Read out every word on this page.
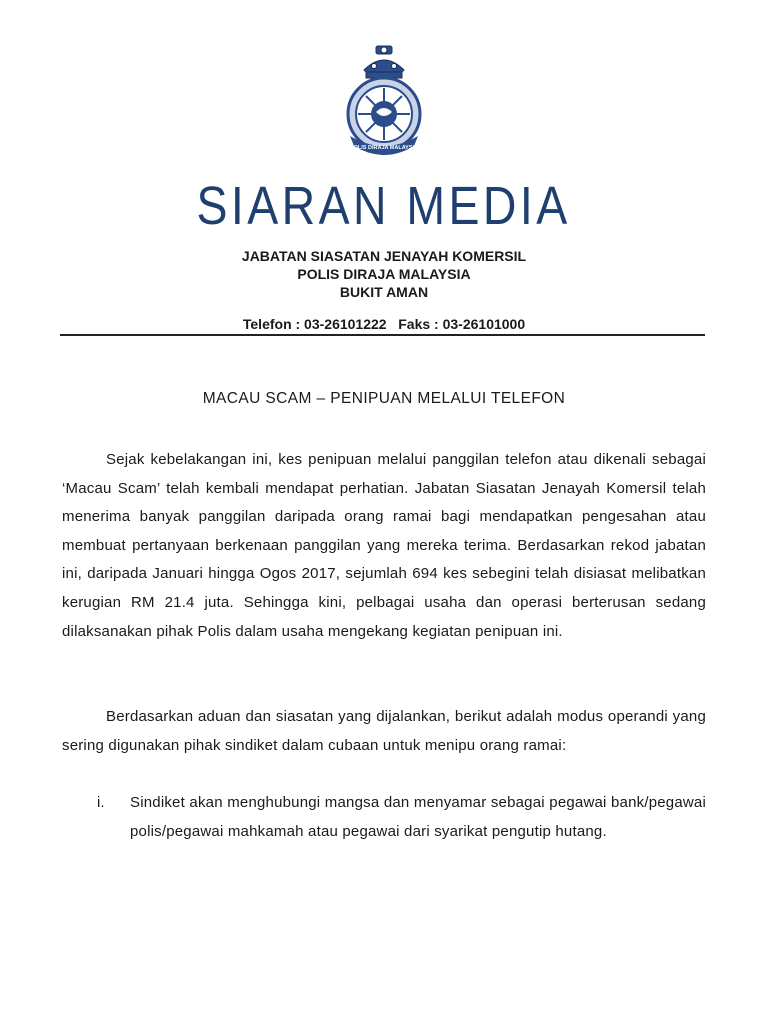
POLIS DIRAJA MALAYSIA
SIARAN MEDIA
JABATAN SIASATAN JENAYAH KOMERSIL
POLIS DIRAJA MALAYSIA
BUKIT AMAN
Telefon : 03-26101222   Faks : 03-26101000
MACAU SCAM – PENIPUAN MELALUI TELEFON
Sejak kebelakangan ini, kes penipuan melalui panggilan telefon atau dikenali sebagai ‘Macau Scam’ telah kembali mendapat perhatian. Jabatan Siasatan Jenayah Komersil telah menerima banyak panggilan daripada orang ramai bagi mendapatkan pengesahan atau membuat pertanyaan berkenaan panggilan yang mereka terima. Berdasarkan rekod jabatan ini, daripada Januari hingga Ogos 2017, sejumlah 694 kes sebegini telah disiasat melibatkan kerugian RM 21.4 juta. Sehingga kini, pelbagai usaha dan operasi berterusan sedang dilaksanakan pihak Polis dalam usaha mengekang kegiatan penipuan ini.
Berdasarkan aduan dan siasatan yang dijalankan, berikut adalah modus operandi yang sering digunakan pihak sindiket dalam cubaan untuk menipu orang ramai:
i. Sindiket akan menghubungi mangsa dan menyamar sebagai pegawai bank/pegawai polis/pegawai mahkamah atau pegawai dari syarikat pengutip hutang.
